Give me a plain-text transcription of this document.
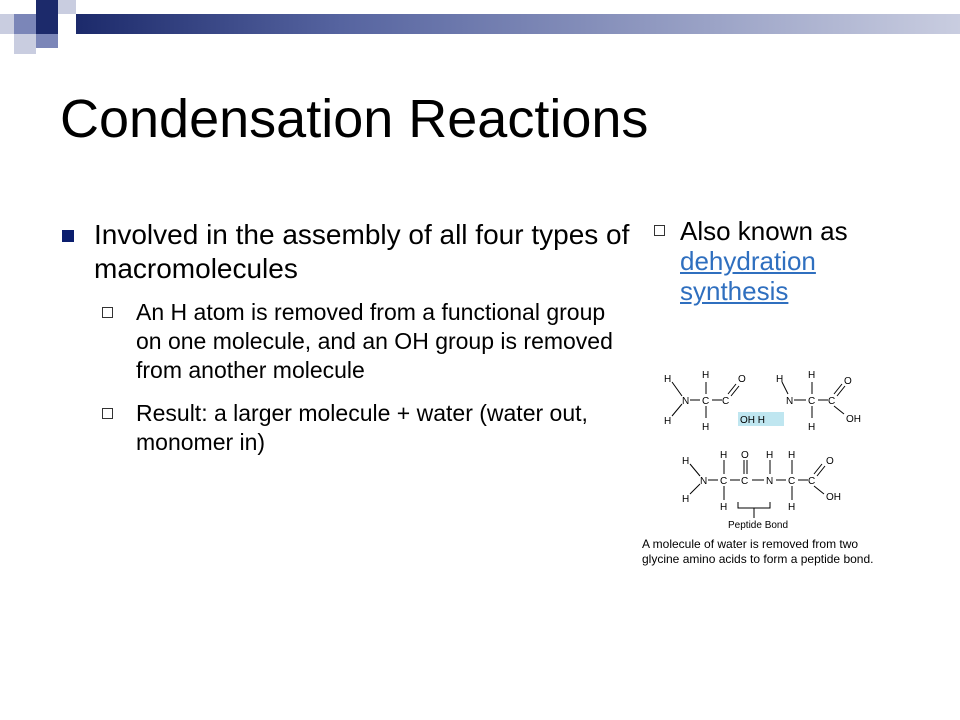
Condensation Reactions
Involved in the assembly of all four types of macromolecules
An H atom is removed from a functional group on one molecule, and an OH group is removed from another molecule
Result: a larger molecule + water (water out, monomer in)
Also known as dehydration synthesis
H
H
N
H
C
H
C
O
OH H
H
N
H
C
H
C
O
OH
H
H
N
H
C
H
O
C
H
N
H
C
H
C
O
OH
Peptide Bond
A molecule of water is removed from two
glycine amino acids to form a peptide bond.
